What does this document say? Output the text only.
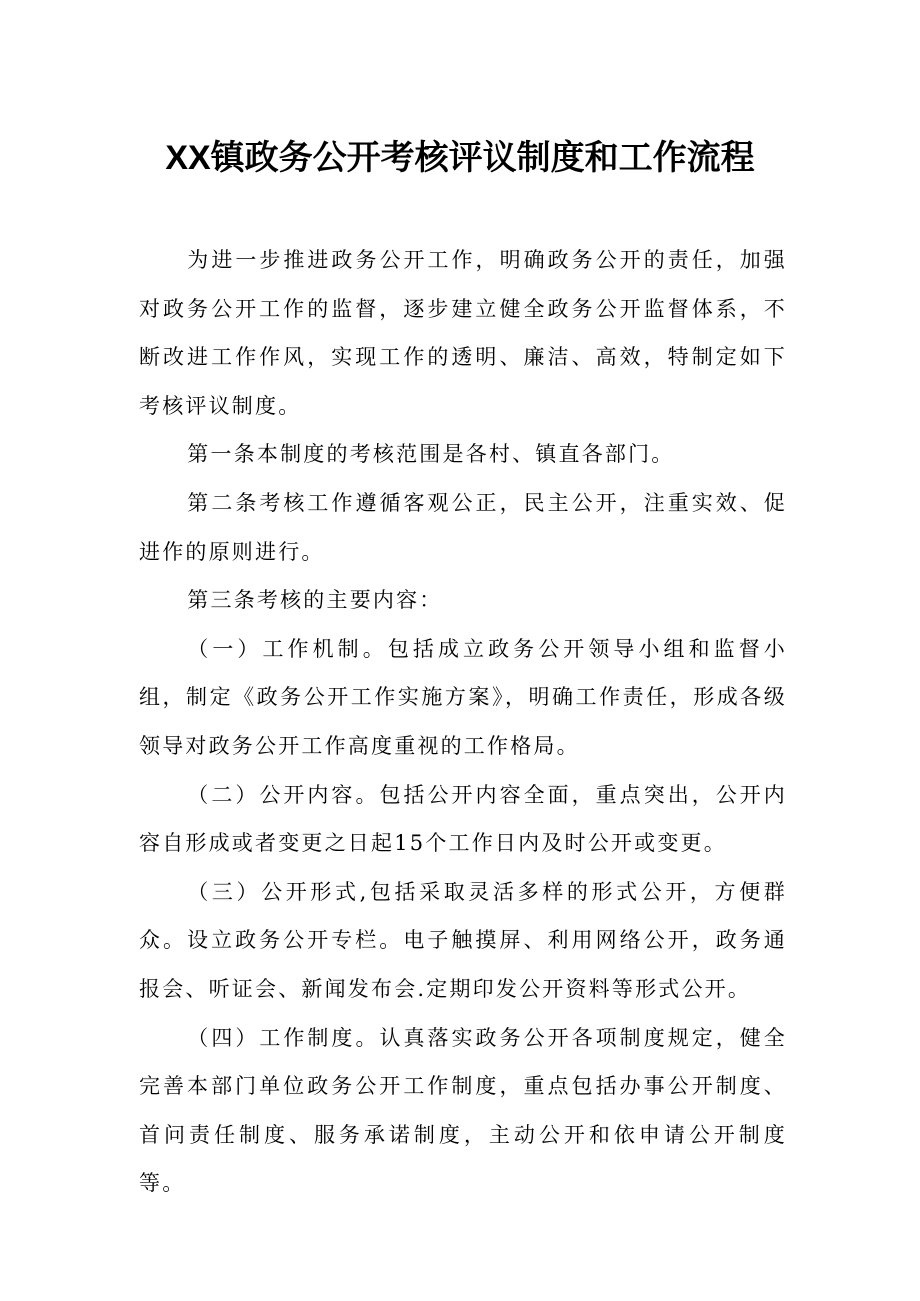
XX镇政务公开考核评议制度和工作流程

为进一步推进政务公开工作，明确政务公开的责任，加强对政务公开工作的监督，逐步建立健全政务公开监督体系，不断改进工作作风，实现工作的透明、廉洁、高效，特制定如下考核评议制度。

第一条本制度的考核范围是各村、镇直各部门。

第二条考核工作遵循客观公正，民主公开，注重实效、促进作的原则进行。

第三条考核的主要内容：

（一）工作机制。包括成立政务公开领导小组和监督小组，制定《政务公开工作实施方案》，明确工作责任，形成各级领导对政务公开工作高度重视的工作格局。

（二）公开内容。包括公开内容全面，重点突出，公开内容自形成或者变更之日起15个工作日内及时公开或变更。

（三）公开形式,包括采取灵活多样的形式公开，方便群众。设立政务公开专栏。电子触摸屏、利用网络公开，政务通报会、听证会、新闻发布会.定期印发公开资料等形式公开。

（四）工作制度。认真落实政务公开各项制度规定，健全完善本部门单位政务公开工作制度，重点包括办事公开制度、首问责任制度、服务承诺制度，主动公开和依申请公开制度等。
